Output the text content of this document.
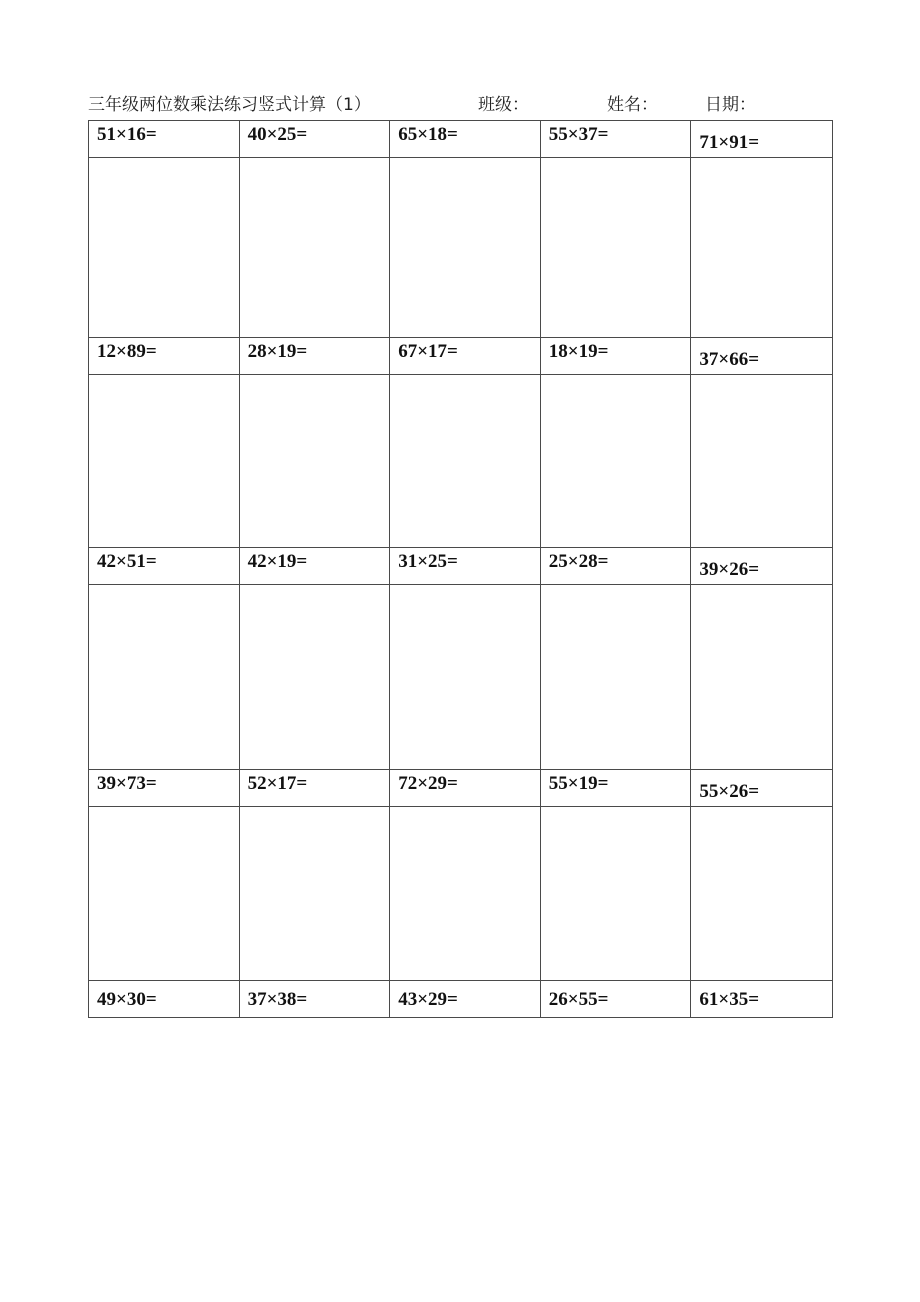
三年级两位数乘法练习竖式计算（1）	班级：	姓名：	日期：
51×16=	40×25=	65×18=	55×37=	71×91=

12×89=	28×19=	67×17=	18×19=	37×66=

42×51=	42×19=	31×25=	25×28=	39×26=

39×73=	52×17=	72×29=	55×19=	55×26=

49×30=	37×38=	43×29=	26×55=	61×35=
